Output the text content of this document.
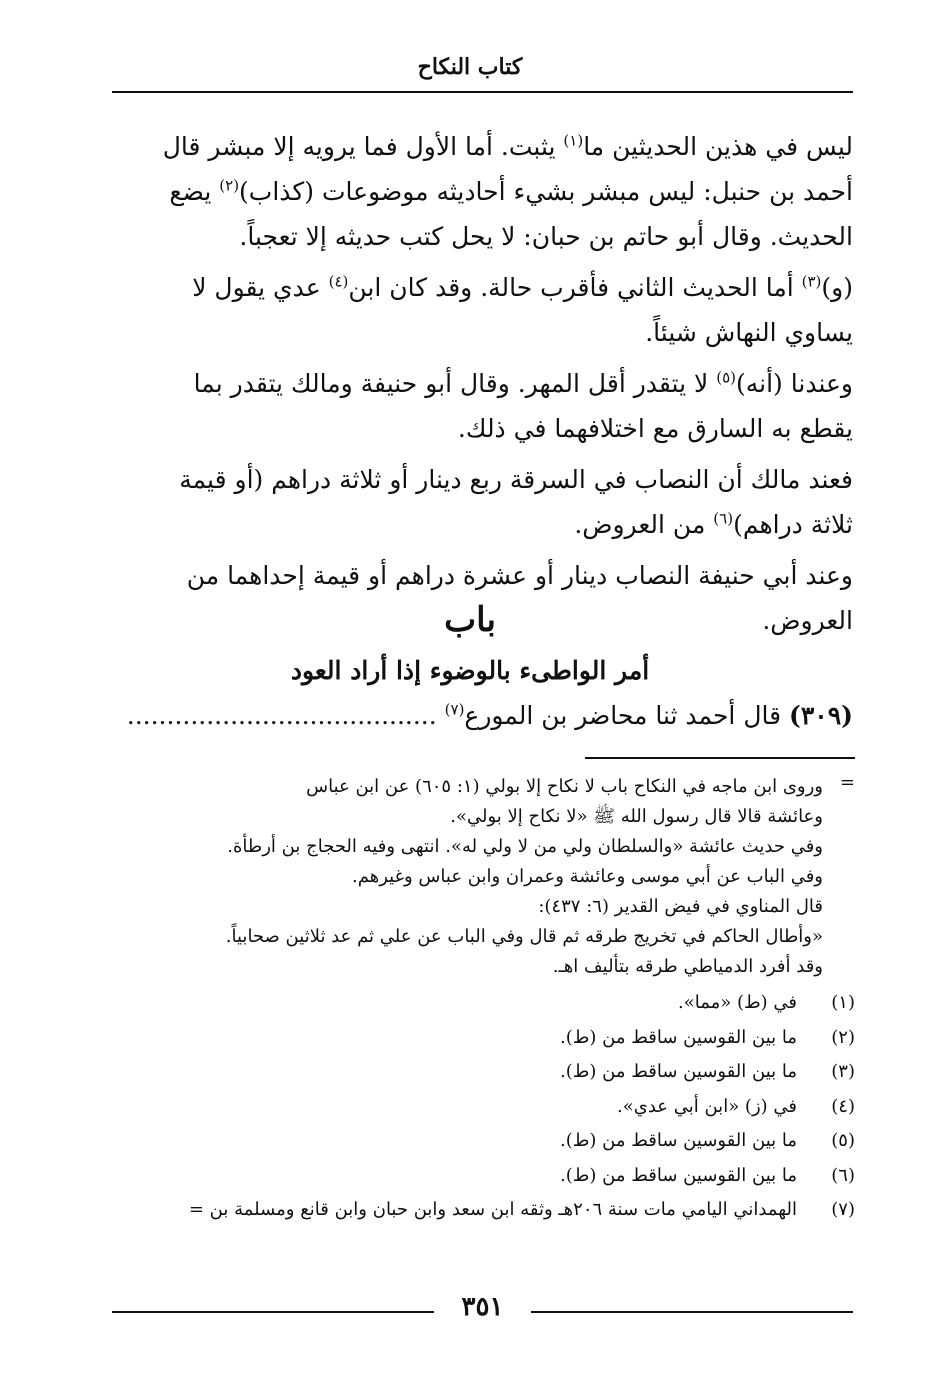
كتاب النكاح

ليس في هذين الحديثين ما$^{(١)}$ يثبت. أما الأول فما يرويه إلا مبشر قال
أحمد بن حنبل: ليس مبشر بشيء أحاديثه موضوعات (كذاب)$^{(٢)}$ يضع
الحديث. وقال أبو حاتم بن حبان: لا يحل كتب حديثه إلا تعجباً.

(و)$^{(٣)}$ أما الحديث الثاني فأقرب حالة. وقد كان ابن$^{(٤)}$ عدي يقول لا
يساوي النهاش شيئاً.

وعندنا (أنه)$^{(٥)}$ لا يتقدر أقل المهر. وقال أبو حنيفة ومالك يتقدر بما
يقطع به السارق مع اختلافهما في ذلك.

فعند مالك أن النصاب في السرقة ربع دينار أو ثلاثة دراهم (أو قيمة
ثلاثة دراهم)$^{(٦)}$ من العروض.

وعند أبي حنيفة النصاب دينار أو عشرة دراهم أو قيمة إحداهما من
العروض.

باب
أمر الواطىء بالوضوء إذا أراد العود
(٣٠٩) قال أحمد ثنا محاضر بن المورع$^{(٧)}$ .......................................
=
وروى ابن ماجه في النكاح باب لا نكاح إلا بولي (١: ٦٠٥) عن ابن عباس
وعائشة قالا قال رسول الله ﷺ «لا نكاح إلا بولي».
وفي حديث عائشة «والسلطان ولي من لا ولي له». انتهى وفيه الحجاج بن أرطأة.
وفي الباب عن أبي موسى وعائشة وعمران وابن عباس وغيرهم.
قال المناوي في فيض القدير (٦: ٤٣٧):
«وأطال الحاكم في تخريج طرقه ثم قال وفي الباب عن علي ثم عد ثلاثين صحابياً.
وقد أفرد الدمياطي طرقه بتأليف اهـ.
(١)
في (ط) «مما».
(٢)
ما بين القوسين ساقط من (ط).
(٣)
ما بين القوسين ساقط من (ط).
(٤)
في (ز) «ابن أبي عدي».
(٥)
ما بين القوسين ساقط من (ط).
(٦)
ما بين القوسين ساقط من (ط).
(٧)
الهمداني اليامي مات سنة ٢٠٦هـ وثقه ابن سعد وابن حبان وابن قانع ومسلمة بن =
٣٥١
